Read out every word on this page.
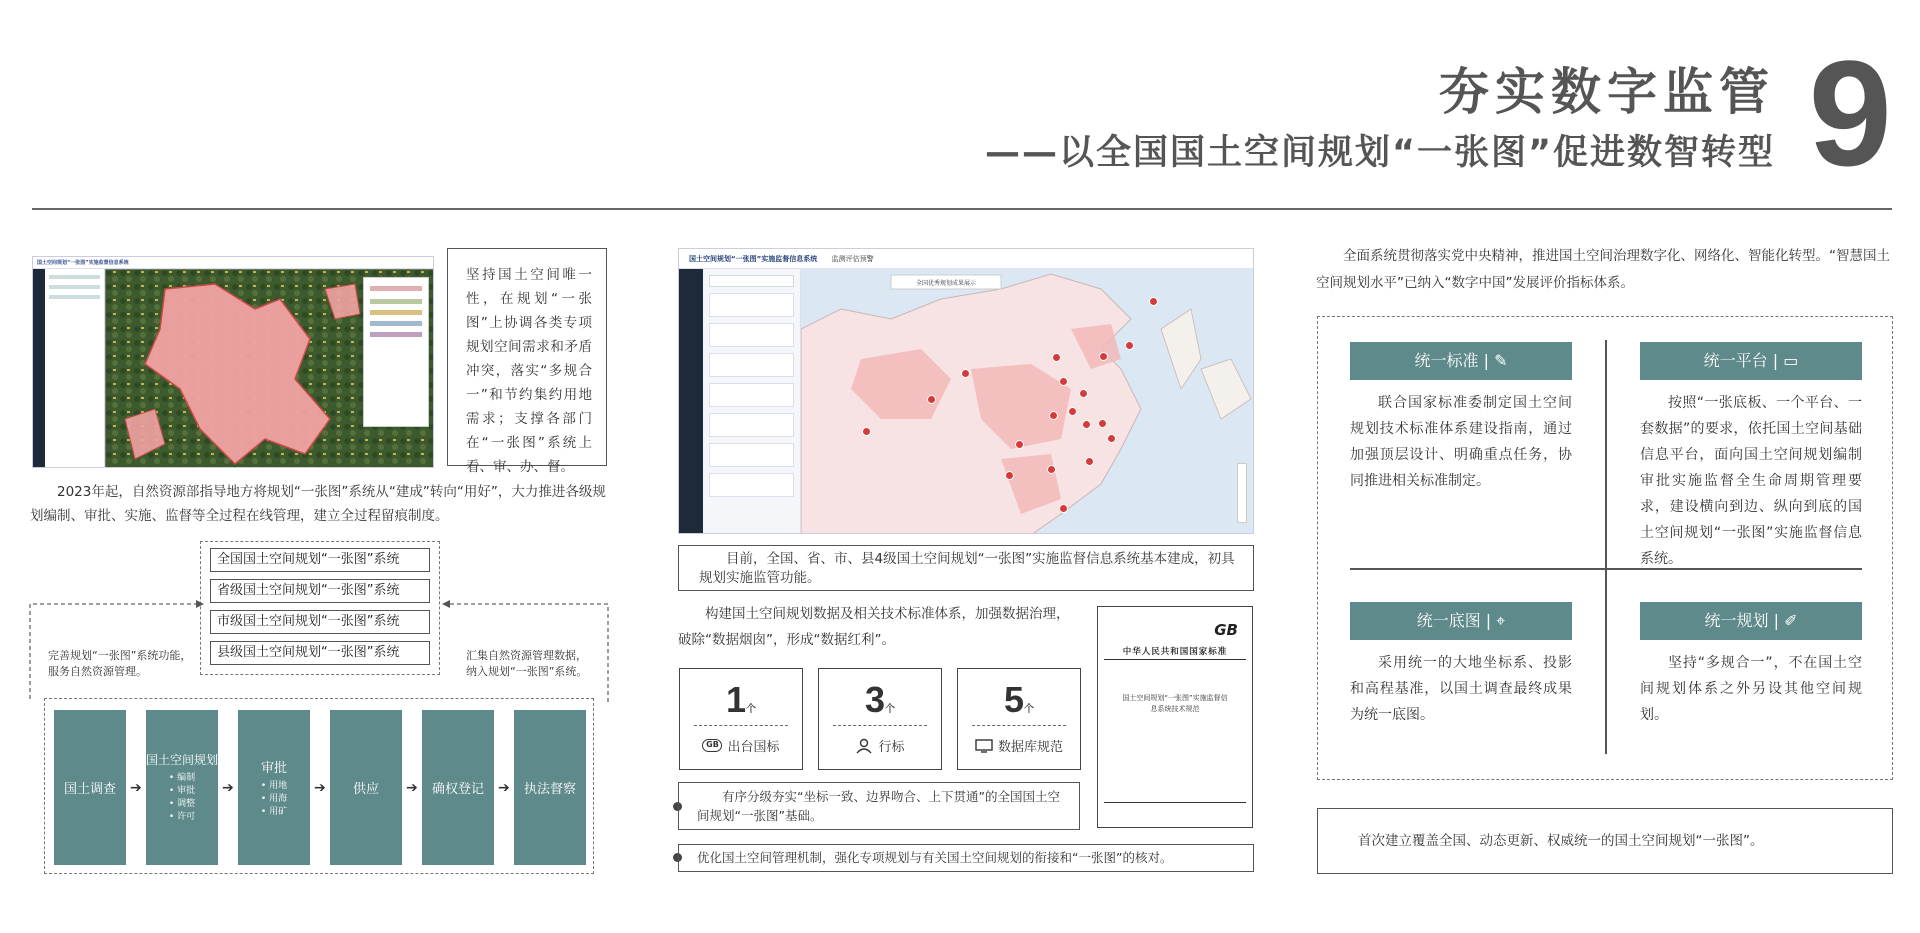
夯实数字监管
——以全国国土空间规划“一张图”促进数智转型 9
国土空间规划“一张图”实施监督信息系统
坚持国土空间唯一性，在规划“一张图”上协调各类专项规划空间需求和矛盾冲突，落实“多规合一”和节约集约用地需求；支撑各部门在“一张图”系统上看、审、办、督。
2023年起，自然资源部指导地方将规划“一张图”系统从“建成”转向“用好”，大力推进各级规划编制、审批、实施、监督等全过程在线管理，建立全过程留痕制度。
全国国土空间规划“一张图”系统
省级国土空间规划“一张图”系统
市级国土空间规划“一张图”系统
县级国土空间规划“一张图”系统
完善规划“一张图”系统功能，服务自然资源管理。
汇集自然资源管理数据，纳入规划“一张图”系统。
国土调查 ➔
国土空间规划
• 编制
• 审批
• 调整
• 许可
➔
审批
• 用地
• 用海
• 用矿
➔ 供应 ➔ 确权登记 ➔ 执法督察
国土空间规划“一张图”实施监督信息系统 监测评估预警
全国优秀规划成果展示
目前，全国、省、市、县4级国土空间规划“一张图”实施监督信息系统基本建成，初具规划实施监管功能。
构建国土空间规划数据及相关技术标准体系，加强数据治理，破除“数据烟囱”，形成“数据红利”。
1个
GB 出台国标
3个
行标
5个
数据库规范
GB
中华人民共和国国家标准
国土空间规划“一张图”实施监督信息系统技术规范
有序分级夯实“坐标一致、边界吻合、上下贯通”的全国国土空间规划“一张图”基础。
优化国土空间管理机制，强化专项规划与有关国土空间规划的衔接和“一张图”的核对。
全面系统贯彻落实党中央精神，推进国土空间治理数字化、网络化、智能化转型。“智慧国土空间规划水平”已纳入“数字中国”发展评价指标体系。
统一标准 | ✎
联合国家标准委制定国土空间规划技术标准体系建设指南，通过加强顶层设计、明确重点任务，协同推进相关标准制定。
统一平台 | ▭
按照“一张底板、一个平台、一套数据”的要求，依托国土空间基础信息平台，面向国土空间规划编制审批实施监督全生命周期管理要求，建设横向到边、纵向到底的国土空间规划“一张图”实施监督信息系统。
统一底图 | ⌖
采用统一的大地坐标系、投影和高程基准，以国土调查最终成果为统一底图。
统一规划 | ✐
坚持“多规合一”，不在国土空间规划体系之外另设其他空间规划。
首次建立覆盖全国、动态更新、权威统一的国土空间规划“一张图”。
